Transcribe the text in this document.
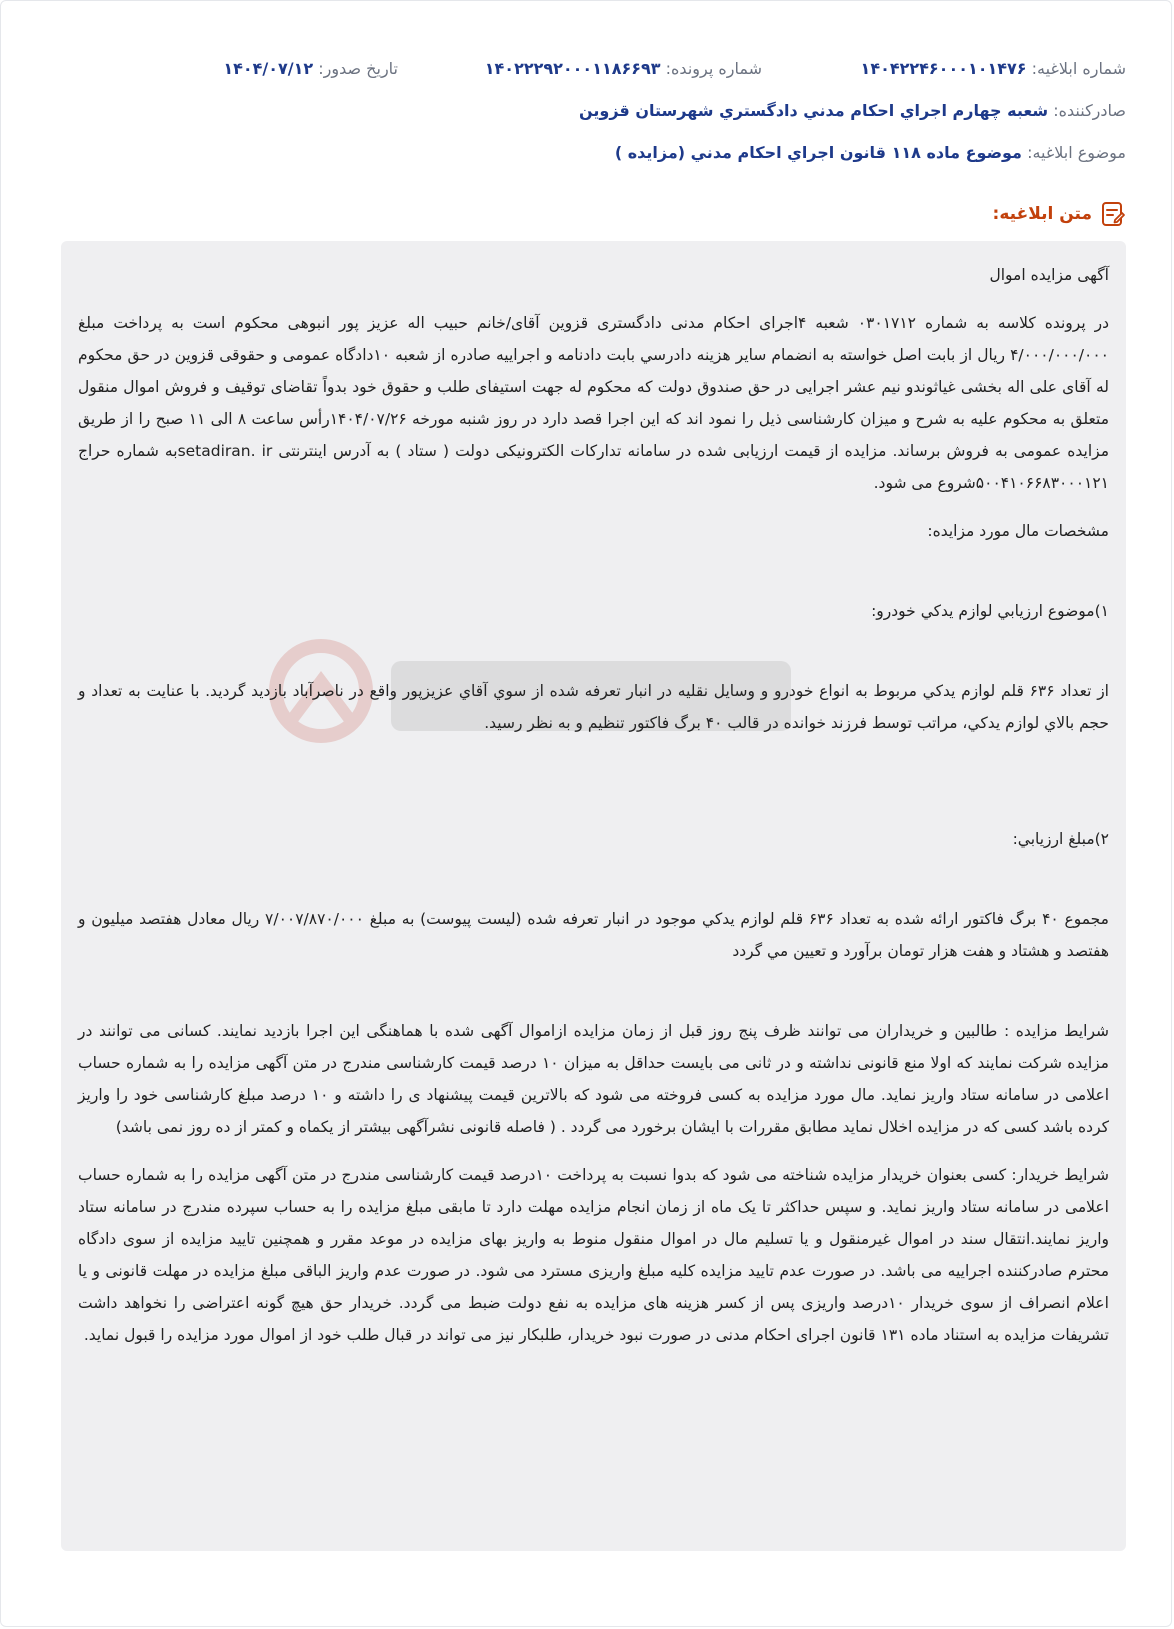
شماره ابلاغيه: ۱۴۰۴۲۲۴۶۰۰۰۱۰۱۴۷۶
شماره پرونده: ۱۴۰۲۲۲۹۲۰۰۰۱۱۸۶۶۹۳
تاريخ صدور: ۱۴۰۴/۰۷/۱۲
صادرکننده: شعبه چهارم اجراي احکام مدني دادگستري شهرستان قزوين
موضوع ابلاغيه: موضوع ماده ۱۱۸ قانون اجراي احکام مدني (مزايده )
متن ابلاغيه:

آگهی مزایده اموال

در پرونده کلاسه به شماره ۰۳۰۱۷۱۲ شعبه ۴اجرای احکام مدنی دادگستری قزوین آقای/خانم حبیب اله عزیز پور انبوهی محکوم است به پرداخت مبلغ ۴/۰۰۰/۰۰۰/۰۰۰ ریال از بابت اصل خواسته به انضمام سایر هزینه دادرسي بابت دادنامه و اجراییه صادره از شعبه ۱۰دادگاه عمومی و حقوقی قزوین در حق محکوم له آقای علی اله بخشی غیاثوندو نیم عشر اجرایی در حق صندوق دولت که محکوم له جهت استیفای طلب و حقوق خود بدواً تقاضای توقیف و فروش اموال منقول متعلق به محکوم علیه به شرح و میزان کارشناسی ذیل را نمود اند که این اجرا قصد دارد در روز شنبه مورخه ۱۴۰۴/۰۷/۲۶رأس ساعت ۸ الی ۱۱ صبح را از طریق مزایده عمومی به فروش برساند. مزایده از قیمت ارزیابی شده در سامانه تدارکات الکترونیکی دولت ( ستاد ) به آدرس اینترنتی setadiran. irبه شماره حراج ۵۰۰۴۱۰۶۶۸۳۰۰۰۱۲۱شروع می شود.

مشخصات مال مورد مزایده:

۱)موضوع ارزيابي لوازم يدکي خودرو:

از تعداد ۶۳۶ قلم لوازم يدکي مربوط به انواع خودرو و وسايل نقليه در انبار تعرفه شده از سوي آقاي عزيزپور واقع در ناصرآباد بازديد گرديد. با عنايت به تعداد و حجم بالاي لوازم يدکي، مراتب توسط فرزند خوانده در قالب ۴۰ برگ فاکتور تنظيم و به نظر رسيد.

۲)مبلغ ارزيابي:

مجموع ۴۰ برگ فاکتور ارائه شده به تعداد ۶۳۶ قلم لوازم يدکي موجود در انبار تعرفه شده (ليست پيوست) به مبلغ ۷/۰۰۷/۸۷۰/۰۰۰ ريال معادل هفتصد ميليون و هفتصد و هشتاد و هفت هزار تومان برآورد و تعيين مي گردد

شرایط مزایده : طالبین و خریداران می توانند ظرف پنج روز قبل از زمان مزایده ازاموال آگهی شده با هماهنگی این اجرا بازدید نمایند. کسانی می توانند در مزایده شرکت نمایند که اولا منع قانونی نداشته و در ثانی می بایست حداقل به میزان ۱۰ درصد قیمت کارشناسی مندرج در متن آگهی مزایده را به شماره حساب اعلامی در سامانه ستاد واریز نماید. مال مورد مزایده به کسی فروخته می شود که بالاترین قیمت پیشنهاد ی را داشته و ۱۰ درصد مبلغ کارشناسی خود را واریز کرده باشد کسی که در مزایده اخلال نماید مطابق مقررات با ایشان برخورد می گردد . ( فاصله قانونی نشرآگهی بیشتر از یکماه و کمتر از ده روز نمی باشد)

شرایط خریدار: کسی بعنوان خریدار مزایده شناخته می شود که بدوا نسبت به پرداخت ۱۰درصد قیمت کارشناسی مندرج در متن آگهی مزایده را به شماره حساب اعلامی در سامانه ستاد واریز نماید. و سپس حداکثر تا یک ماه از زمان انجام مزایده مهلت دارد تا مابقی مبلغ مزایده را به حساب سپرده مندرج در سامانه ستاد واریز نمایند.انتقال سند در اموال غیرمنقول و یا تسلیم مال در اموال منقول منوط به واریز بهای مزایده در موعد مقرر و همچنین تایید مزایده از سوی دادگاه محترم صادرکننده اجراییه می باشد. در صورت عدم تایید مزایده کلیه مبلغ واریزی مسترد می شود. در صورت عدم واریز الباقی مبلغ مزایده در مهلت قانونی و یا اعلام انصراف از سوی خریدار ۱۰درصد واریزی پس از کسر هزینه های مزایده به نفع دولت ضبط می گردد. خریدار حق هیچ گونه اعتراضی را نخواهد داشت تشریفات مزایده به استناد ماده ۱۳۱ قانون اجرای احکام مدنی در صورت نبود خریدار، طلبکار نیز می تواند در قبال طلب خود از اموال مورد مزایده را قبول نماید.
